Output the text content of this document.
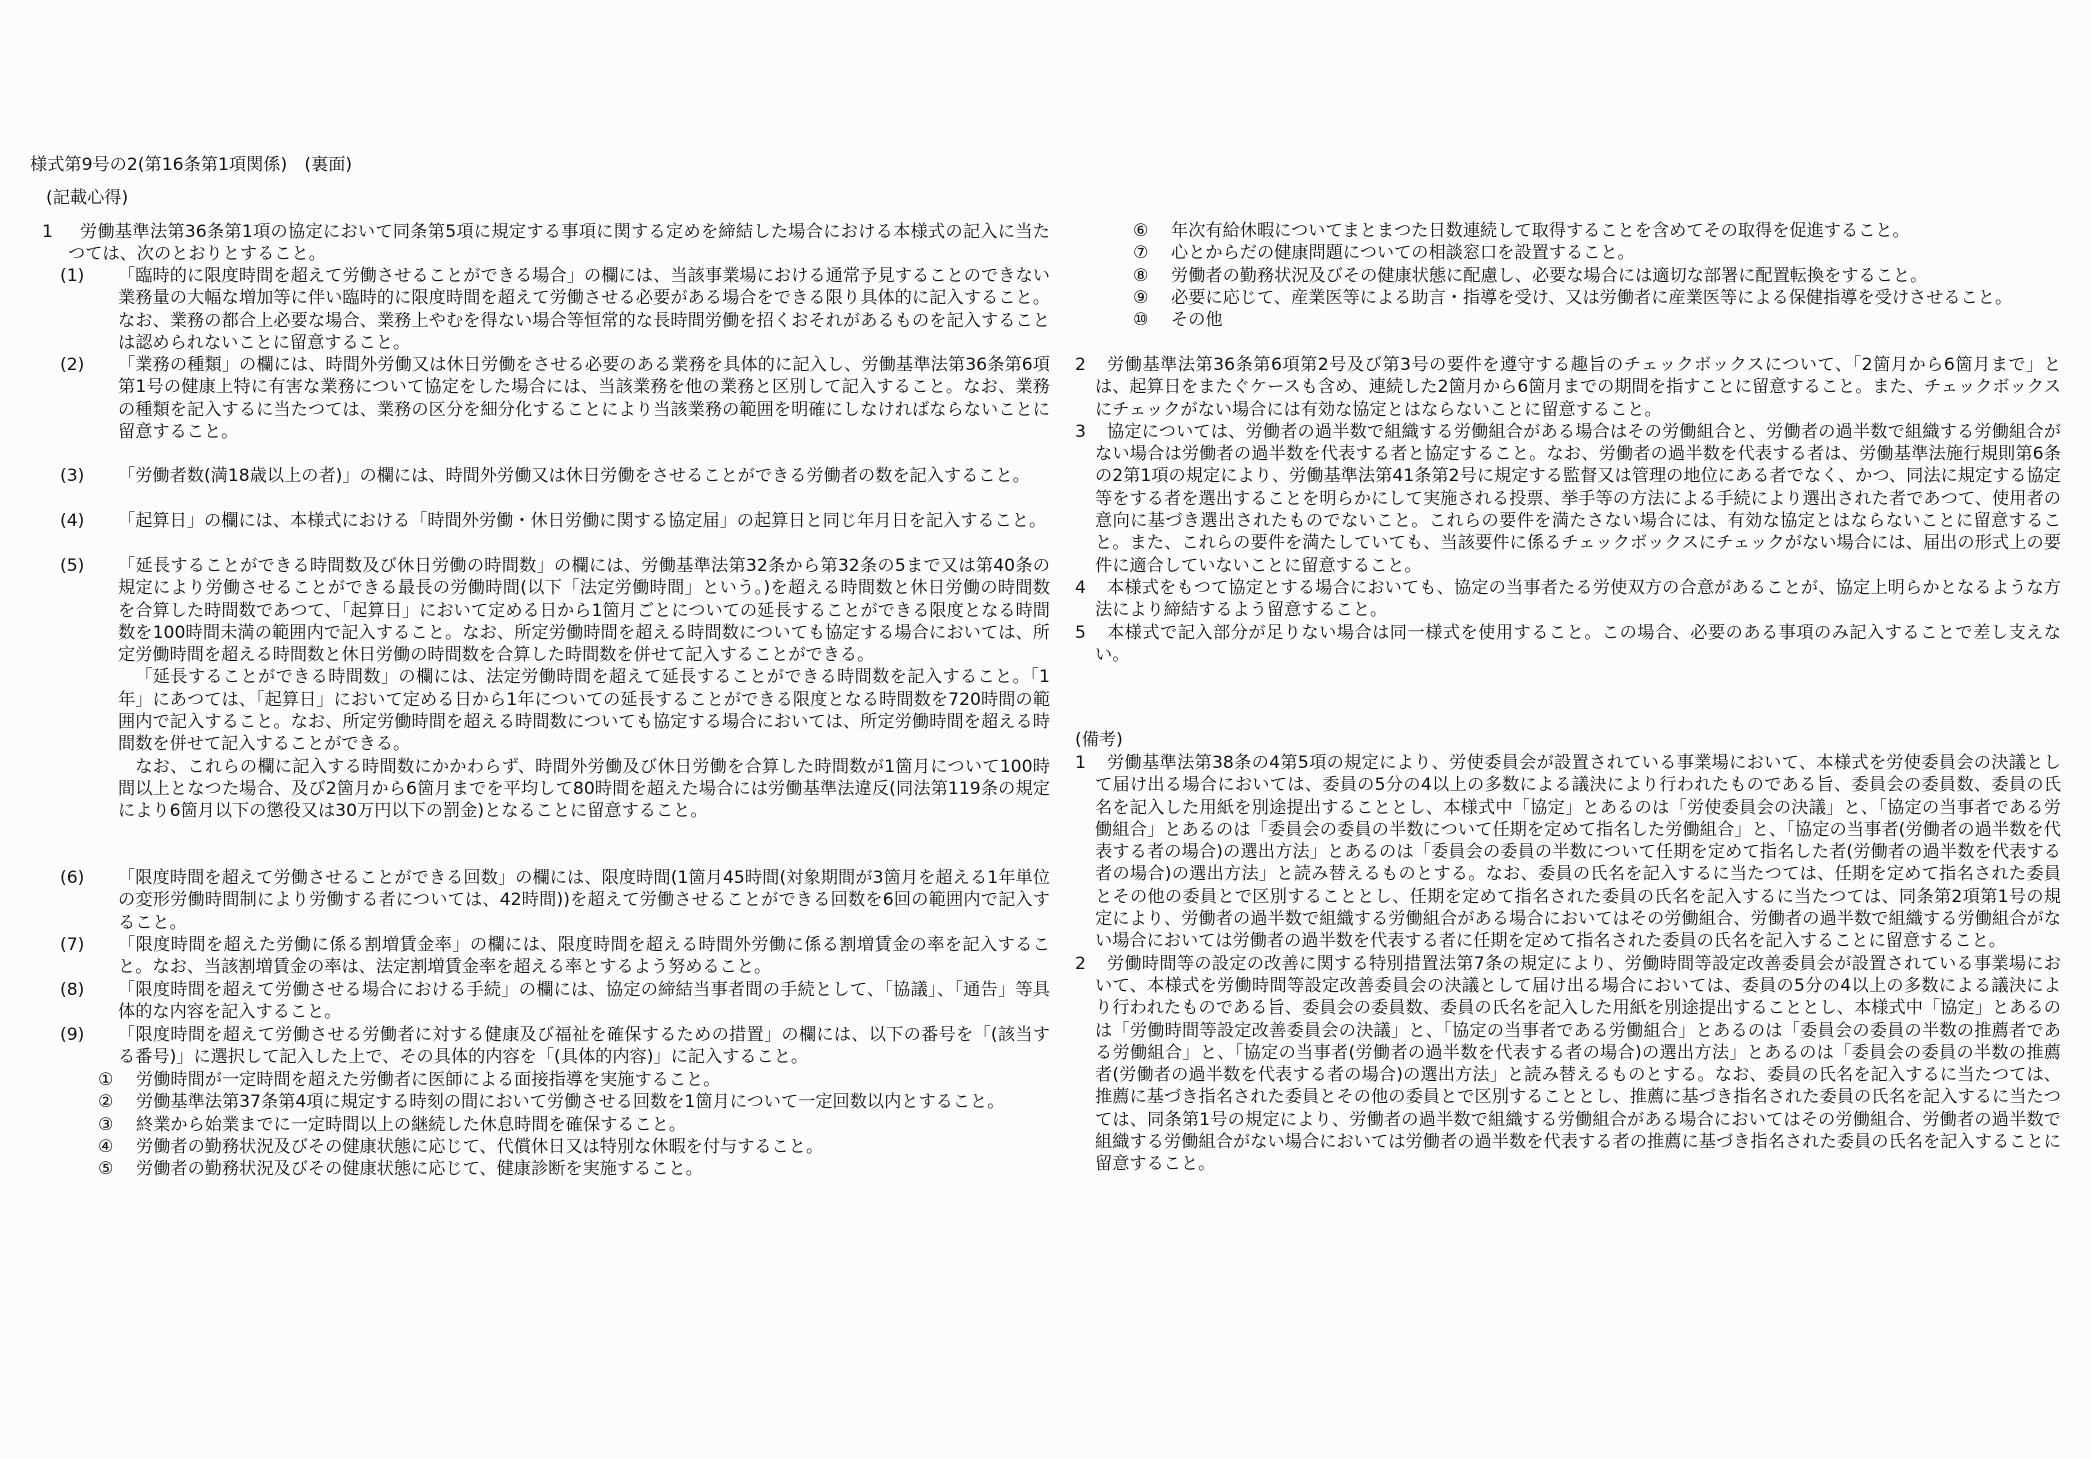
様式第9号の2(第16条第1項関係)　(裏面)
(記載心得)
1	労働基準法第36条第1項の協定において同条第5項に規定する事項に関する定めを締結した場合における本様式の記入に当たつては、次のとおりとすること。
(1)	「臨時的に限度時間を超えて労働させることができる場合」の欄には、当該事業場における通常予見することのできない業務量の大幅な増加等に伴い臨時的に限度時間を超えて労働させる必要がある場合をできる限り具体的に記入すること。なお、業務の都合上必要な場合、業務上やむを得ない場合等恒常的な長時間労働を招くおそれがあるものを記入することは認められないことに留意すること。
(2)	「業務の種類」の欄には、時間外労働又は休日労働をさせる必要のある業務を具体的に記入し、労働基準法第36条第6項第1号の健康上特に有害な業務について協定をした場合には、当該業務を他の業務と区別して記入すること。なお、業務の種類を記入するに当たつては、業務の区分を細分化することにより当該業務の範囲を明確にしなければならないことに留意すること。
(3)	「労働者数(満18歳以上の者)」の欄には、時間外労働又は休日労働をさせることができる労働者の数を記入すること。
(4)	「起算日」の欄には、本様式における「時間外労働・休日労働に関する協定届」の起算日と同じ年月日を記入すること。
(5)	「延長することができる時間数及び休日労働の時間数」の欄には、労働基準法第32条から第32条の5まで又は第40条の規定により労働させることができる最長の労働時間(以下「法定労働時間」という。)を超える時間数と休日労働の時間数を合算した時間数であつて、「起算日」において定める日から1箇月ごとについての延長することができる限度となる時間数を100時間未満の範囲内で記入すること。なお、所定労働時間を超える時間数についても協定する場合においては、所定労働時間を超える時間数と休日労働の時間数を合算した時間数を併せて記入することができる。

「延長することができる時間数」の欄には、法定労働時間を超えて延長することができる時間数を記入すること。「1年」にあつては、「起算日」において定める日から1年についての延長することができる限度となる時間数を720時間の範囲内で記入すること。なお、所定労働時間を超える時間数についても協定する場合においては、所定労働時間を超える時間数を併せて記入することができる。

なお、これらの欄に記入する時間数にかかわらず、時間外労働及び休日労働を合算した時間数が1箇月について100時間以上となつた場合、及び2箇月から6箇月までを平均して80時間を超えた場合には労働基準法違反(同法第119条の規定により6箇月以下の懲役又は30万円以下の罰金)となることに留意すること。

(6)	「限度時間を超えて労働させることができる回数」の欄には、限度時間(1箇月45時間(対象期間が3箇月を超える1年単位の変形労働時間制により労働する者については、42時間))を超えて労働させることができる回数を6回の範囲内で記入すること。
(7)	「限度時間を超えた労働に係る割増賃金率」の欄には、限度時間を超える時間外労働に係る割増賃金の率を記入すること。なお、当該割増賃金の率は、法定割増賃金率を超える率とするよう努めること。
(8)	「限度時間を超えて労働させる場合における手続」の欄には、協定の締結当事者間の手続として、「協議」、「通告」等具体的な内容を記入すること。
(9)	「限度時間を超えて労働させる労働者に対する健康及び福祉を確保するための措置」の欄には、以下の番号を「(該当する番号)」に選択して記入した上で、その具体的内容を「(具体的内容)」に記入すること。
①	労働時間が一定時間を超えた労働者に医師による面接指導を実施すること。
②	労働基準法第37条第4項に規定する時刻の間において労働させる回数を1箇月について一定回数以内とすること。
③	終業から始業までに一定時間以上の継続した休息時間を確保すること。
④	労働者の勤務状況及びその健康状態に応じて、代償休日又は特別な休暇を付与すること。
⑤	労働者の勤務状況及びその健康状態に応じて、健康診断を実施すること。
⑥	年次有給休暇についてまとまつた日数連続して取得することを含めてその取得を促進すること。
⑦	心とからだの健康問題についての相談窓口を設置すること。
⑧	労働者の勤務状況及びその健康状態に配慮し、必要な場合には適切な部署に配置転換をすること。
⑨	必要に応じて、産業医等による助言・指導を受け、又は労働者に産業医等による保健指導を受けさせること。
⑩	その他
2	労働基準法第36条第6項第2号及び第3号の要件を遵守する趣旨のチェックボックスについて、「2箇月から6箇月まで」とは、起算日をまたぐケースも含め、連続した2箇月から6箇月までの期間を指すことに留意すること。また、チェックボックスにチェックがない場合には有効な協定とはならないことに留意すること。
3	協定については、労働者の過半数で組織する労働組合がある場合はその労働組合と、労働者の過半数で組織する労働組合がない場合は労働者の過半数を代表する者と協定すること。なお、労働者の過半数を代表する者は、労働基準法施行規則第6条の2第1項の規定により、労働基準法第41条第2号に規定する監督又は管理の地位にある者でなく、かつ、同法に規定する協定等をする者を選出することを明らかにして実施される投票、挙手等の方法による手続により選出された者であつて、使用者の意向に基づき選出されたものでないこと。これらの要件を満たさない場合には、有効な協定とはならないことに留意すること。また、これらの要件を満たしていても、当該要件に係るチェックボックスにチェックがない場合には、届出の形式上の要件に適合していないことに留意すること。
4	本様式をもつて協定とする場合においても、協定の当事者たる労使双方の合意があることが、協定上明らかとなるような方法により締結するよう留意すること。
5	本様式で記入部分が足りない場合は同一様式を使用すること。この場合、必要のある事項のみ記入することで差し支えない。
(備考)
1	労働基準法第38条の4第5項の規定により、労使委員会が設置されている事業場において、本様式を労使委員会の決議として届け出る場合においては、委員の5分の4以上の多数による議決により行われたものである旨、委員会の委員数、委員の氏名を記入した用紙を別途提出することとし、本様式中「協定」とあるのは「労使委員会の決議」と、「協定の当事者である労働組合」とあるのは「委員会の委員の半数について任期を定めて指名した労働組合」と、「協定の当事者(労働者の過半数を代表する者の場合)の選出方法」とあるのは「委員会の委員の半数について任期を定めて指名した者(労働者の過半数を代表する者の場合)の選出方法」と読み替えるものとする。なお、委員の氏名を記入するに当たつては、任期を定めて指名された委員とその他の委員とで区別することとし、任期を定めて指名された委員の氏名を記入するに当たつては、同条第2項第1号の規定により、労働者の過半数で組織する労働組合がある場合においてはその労働組合、労働者の過半数で組織する労働組合がない場合においては労働者の過半数を代表する者に任期を定めて指名された委員の氏名を記入することに留意すること。
2	労働時間等の設定の改善に関する特別措置法第7条の規定により、労働時間等設定改善委員会が設置されている事業場において、本様式を労働時間等設定改善委員会の決議として届け出る場合においては、委員の5分の4以上の多数による議決により行われたものである旨、委員会の委員数、委員の氏名を記入した用紙を別途提出することとし、本様式中「協定」とあるのは「労働時間等設定改善委員会の決議」と、「協定の当事者である労働組合」とあるのは「委員会の委員の半数の推薦者である労働組合」と、「協定の当事者(労働者の過半数を代表する者の場合)の選出方法」とあるのは「委員会の委員の半数の推薦者(労働者の過半数を代表する者の場合)の選出方法」と読み替えるものとする。なお、委員の氏名を記入するに当たつては、推薦に基づき指名された委員とその他の委員とで区別することとし、推薦に基づき指名された委員の氏名を記入するに当たつては、同条第1号の規定により、労働者の過半数で組織する労働組合がある場合においてはその労働組合、労働者の過半数で組織する労働組合がない場合においては労働者の過半数を代表する者の推薦に基づき指名された委員の氏名を記入することに留意すること。
